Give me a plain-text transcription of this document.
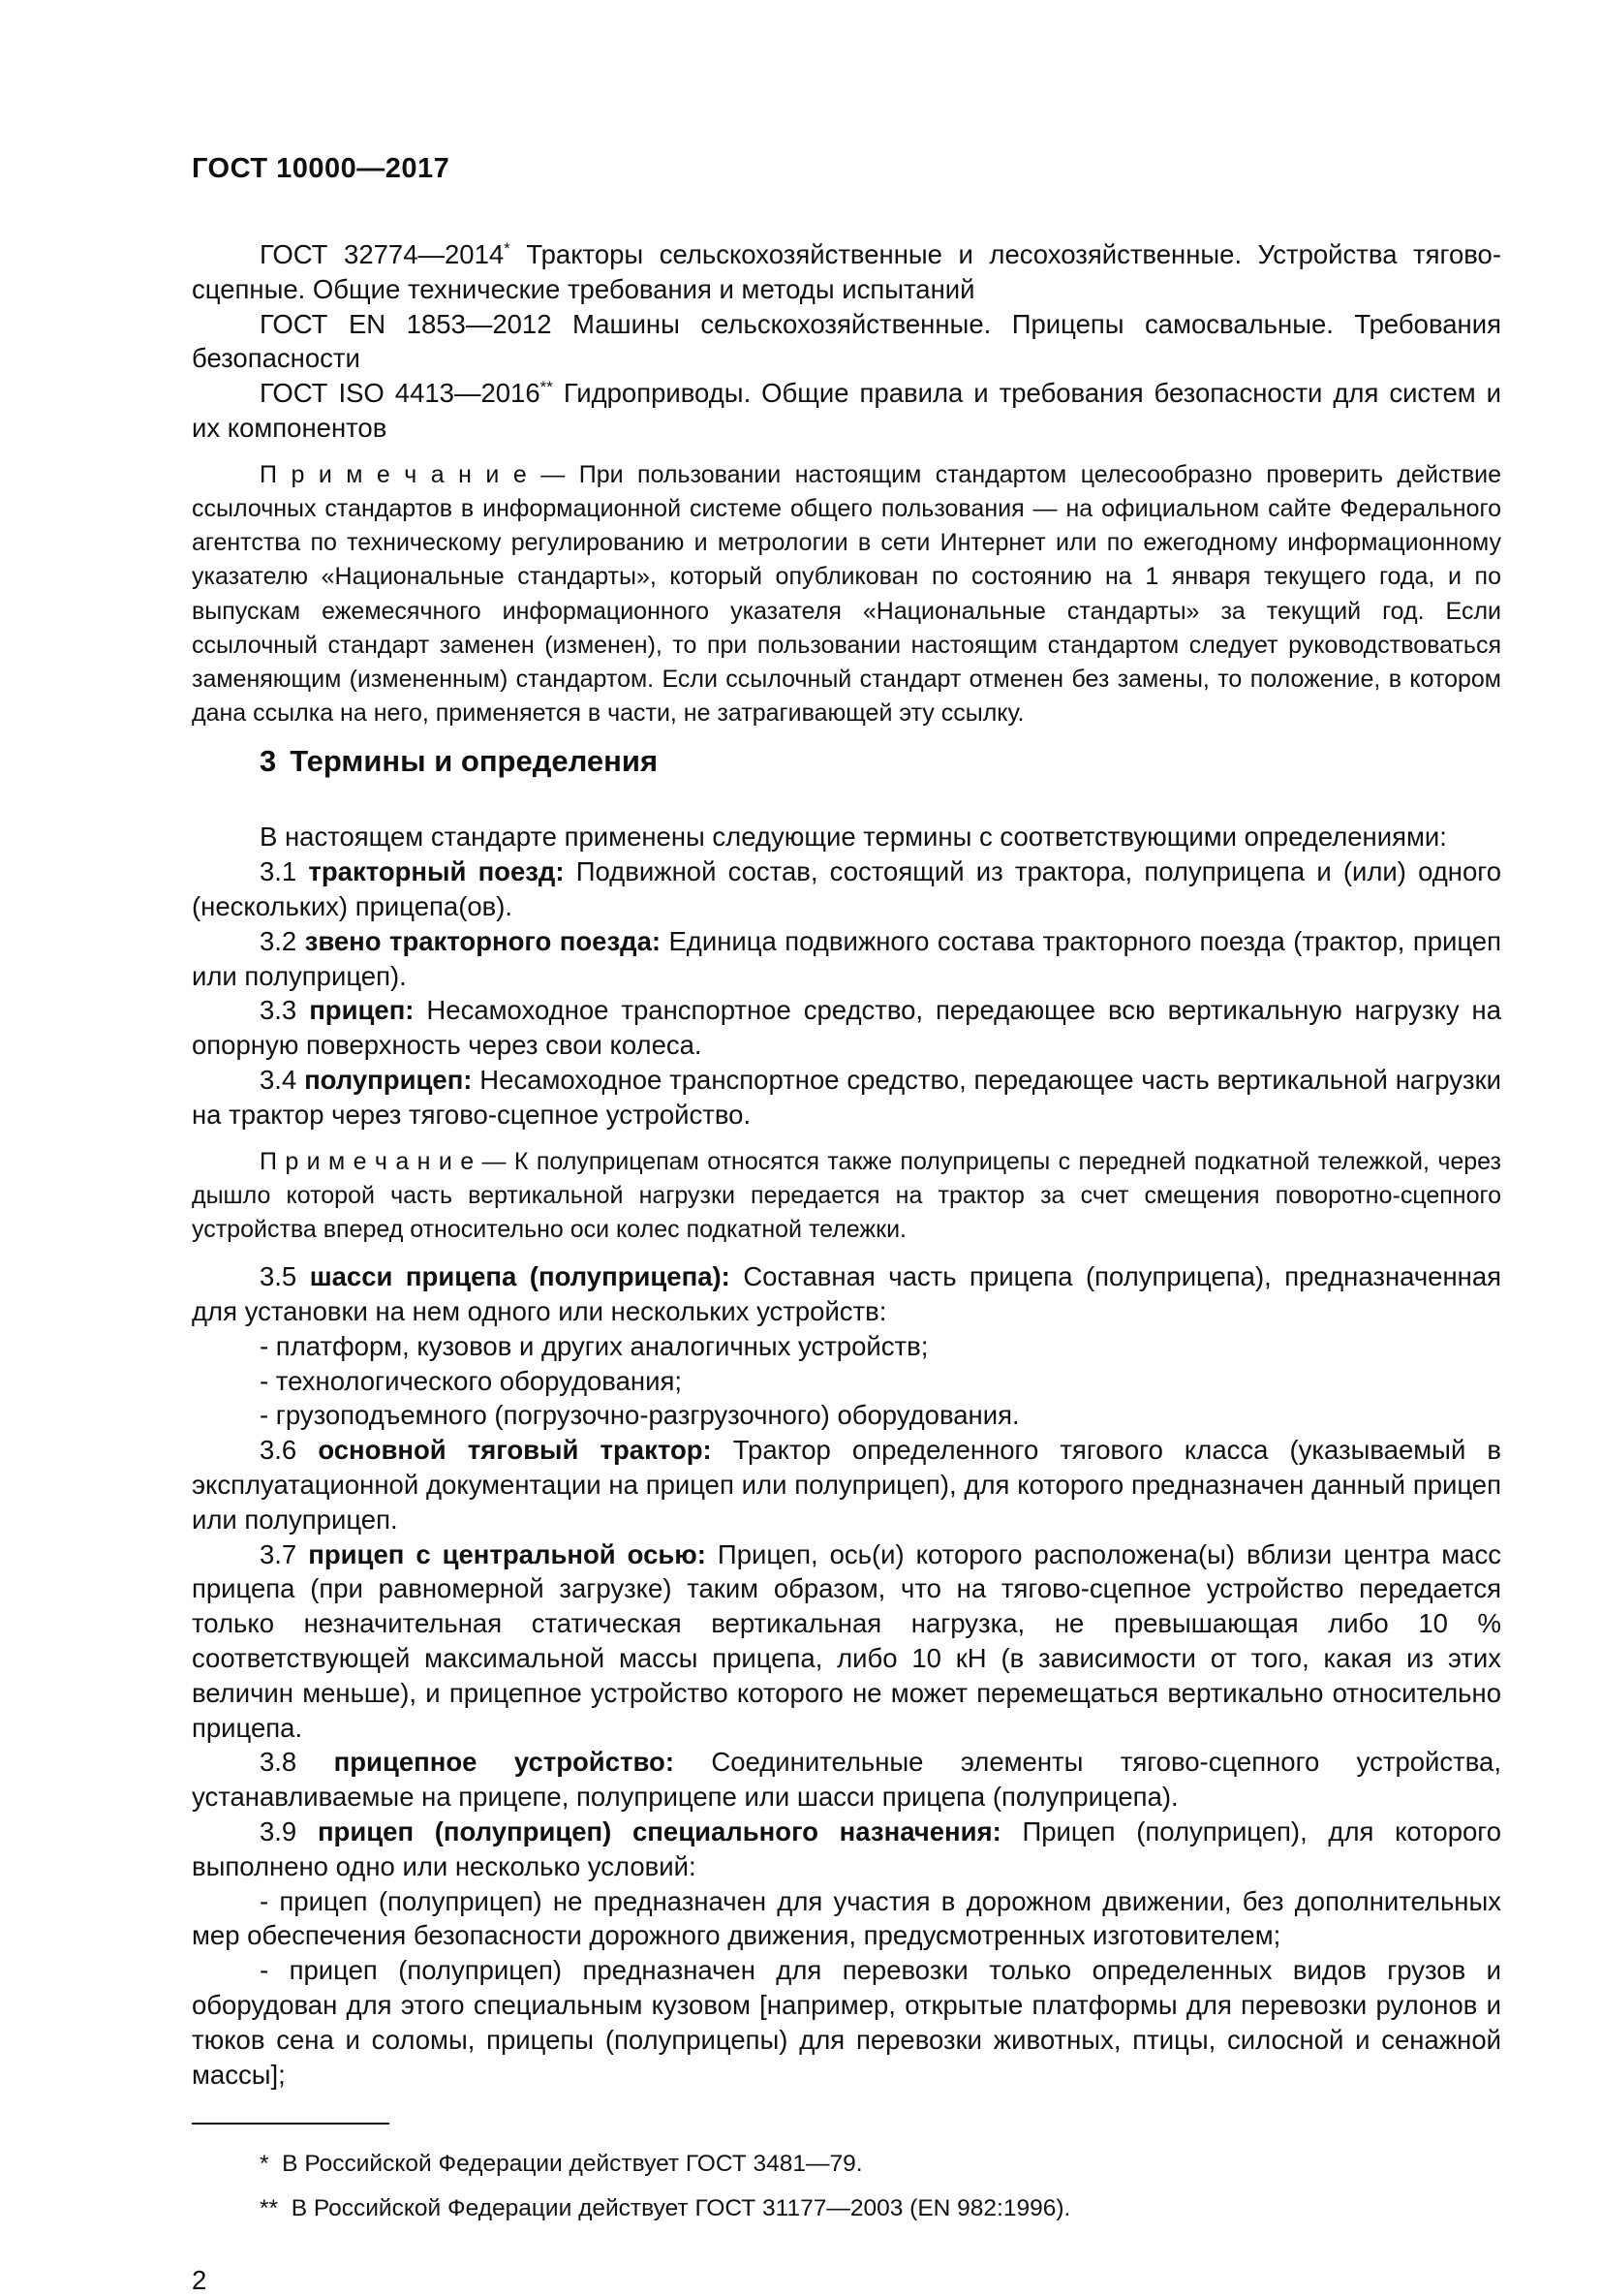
ГОСТ 10000—2017

ГОСТ 32774—2014* Тракторы сельскохозяйственные и лесохозяйственные. Устройства тягово-сцепные. Общие технические требования и методы испытаний

ГОСТ EN 1853—2012 Машины сельскохозяйственные. Прицепы самосвальные. Требования безопасности

ГОСТ ISO 4413—2016** Гидроприводы. Общие правила и требования безопасности для систем и их компонентов

П р и м е ч а н и е — При пользовании настоящим стандартом целесообразно проверить действие ссылочных стандартов в информационной системе общего пользования — на официальном сайте Федерального агентства по техническому регулированию и метрологии в сети Интернет или по ежегодному информационному указателю «Национальные стандарты», который опубликован по состоянию на 1 января текущего года, и по выпускам ежемесячного информационного указателя «Национальные стандарты» за текущий год. Если ссылочный стандарт заменен (изменен), то при пользовании настоящим стандартом следует руководствоваться заменяющим (измененным) стандартом. Если ссылочный стандарт отменен без замены, то положение, в котором дана ссылка на него, применяется в части, не затрагивающей эту ссылку.

3 Термины и определения

В настоящем стандарте применены следующие термины с соответствующими определениями:

3.1 тракторный поезд: Подвижной состав, состоящий из трактора, полуприцепа и (или) одного (нескольких) прицепа(ов).

3.2 звено тракторного поезда: Единица подвижного состава тракторного поезда (трактор, прицеп или полуприцеп).

3.3 прицеп: Несамоходное транспортное средство, передающее всю вертикальную нагрузку на опорную поверхность через свои колеса.

3.4 полуприцеп: Несамоходное транспортное средство, передающее часть вертикальной нагрузки на трактор через тягово-сцепное устройство.

П р и м е ч а н и е — К полуприцепам относятся также полуприцепы с передней подкатной тележкой, через дышло которой часть вертикальной нагрузки передается на трактор за счет смещения поворотно-сцепного устройства вперед относительно оси колес подкатной тележки.

3.5 шасси прицепа (полуприцепа): Составная часть прицепа (полуприцепа), предназначенная для установки на нем одного или нескольких устройств:

- платформ, кузовов и других аналогичных устройств;

- технологического оборудования;

- грузоподъемного (погрузочно-разгрузочного) оборудования.

3.6 основной тяговый трактор: Трактор определенного тягового класса (указываемый в эксплуатационной документации на прицеп или полуприцеп), для которого предназначен данный прицеп или полуприцеп.

3.7 прицеп с центральной осью: Прицеп, ось(и) которого расположена(ы) вблизи центра масс прицепа (при равномерной загрузке) таким образом, что на тягово-сцепное устройство передается только незначительная статическая вертикальная нагрузка, не превышающая либо 10 % соответствующей максимальной массы прицепа, либо 10 кН (в зависимости от того, какая из этих величин меньше), и прицепное устройство которого не может перемещаться вертикально относительно прицепа.

3.8 прицепное устройство: Соединительные элементы тягово-сцепного устройства, устанавливаемые на прицепе, полуприцепе или шасси прицепа (полуприцепа).

3.9 прицеп (полуприцеп) специального назначения: Прицеп (полуприцеп), для которого выполнено одно или несколько условий:

- прицеп (полуприцеп) не предназначен для участия в дорожном движении, без дополнительных мер обеспечения безопасности дорожного движения, предусмотренных изготовителем;

- прицеп (полуприцеп) предназначен для перевозки только определенных видов грузов и оборудован для этого специальным кузовом [например, открытые платформы для перевозки рулонов и тюков сена и соломы, прицепы (полуприцепы) для перевозки животных, птицы, силосной и сенажной массы];

* В Российской Федерации действует ГОСТ 3481—79.

** В Российской Федерации действует ГОСТ 31177—2003 (EN 982:1996).

2
